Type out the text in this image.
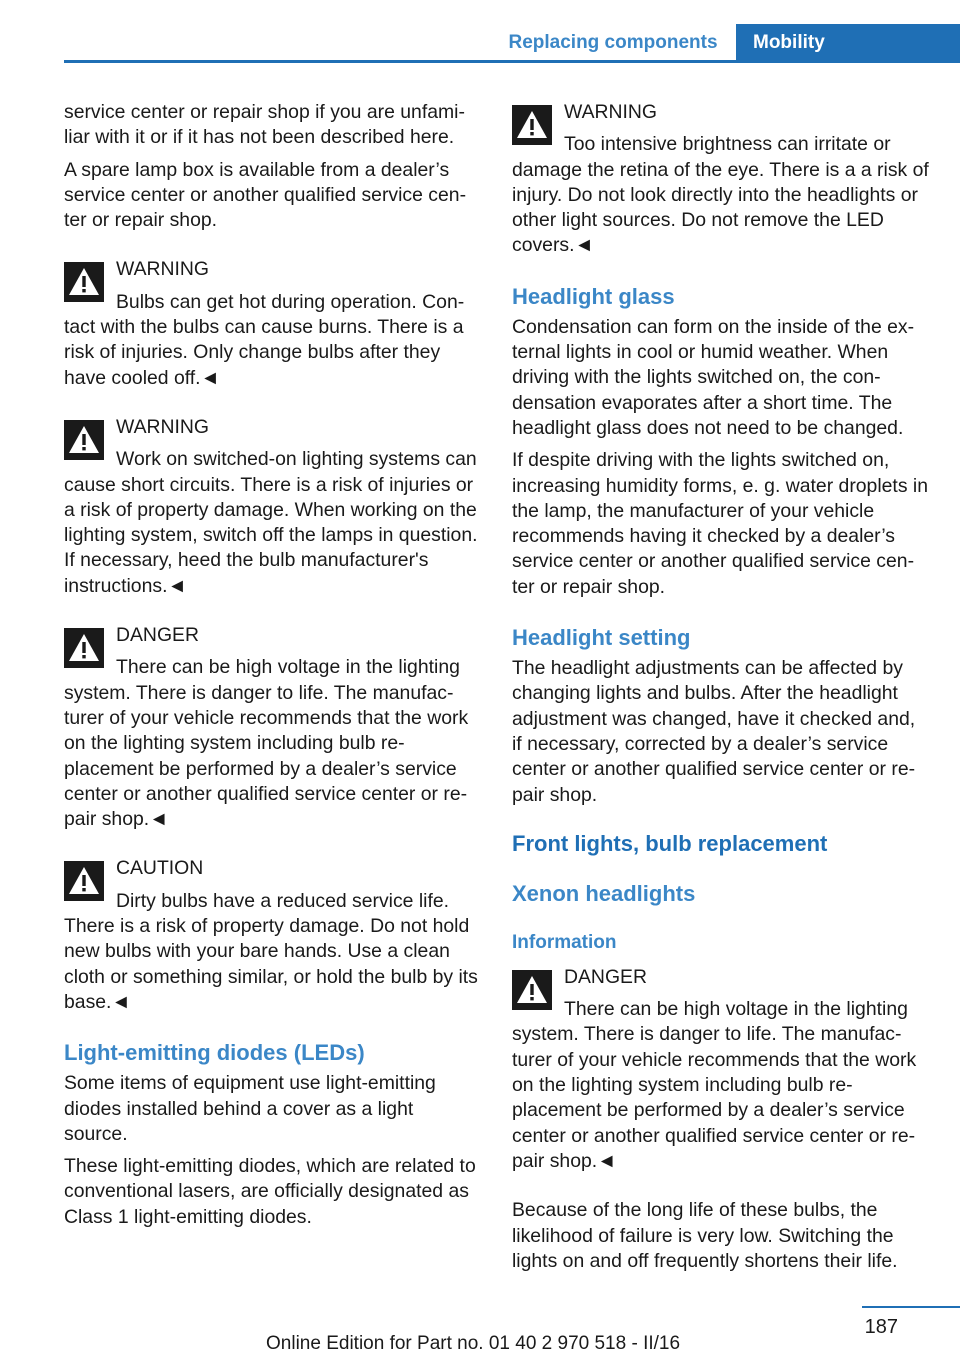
Replacing components	Mobility

service center or repair shop if you are unfamiliar with it or if it has not been described here.

A spare lamp box is available from a dealer’s service center or another qualified service center or repair shop.

WARNING
Bulbs can get hot during operation. Contact with the bulbs can cause burns. There is a risk of injuries. Only change bulbs after they have cooled off.◄
WARNING
Work on switched-on lighting systems can cause short circuits. There is a risk of injuries or a risk of property damage. When working on the lighting system, switch off the lamps in question. If necessary, heed the bulb manufacturer's instructions.◄
DANGER
There can be high voltage in the lighting system. There is danger to life. The manufacturer of your vehicle recommends that the work on the lighting system including bulb replacement be performed by a dealer’s service center or another qualified service center or repair shop.◄
CAUTION
Dirty bulbs have a reduced service life. There is a risk of property damage. Do not hold new bulbs with your bare hands. Use a clean cloth or something similar, or hold the bulb by its base.◄
Light-emitting diodes (LEDs)

Some items of equipment use light-emitting diodes installed behind a cover as a light source.

These light-emitting diodes, which are related to conventional lasers, are officially designated as Class 1 light-emitting diodes.

WARNING
Too intensive brightness can irritate or damage the retina of the eye. There is a a risk of injury. Do not look directly into the headlights or other light sources. Do not remove the LED covers.◄
Headlight glass

Condensation can form on the inside of the external lights in cool or humid weather. When driving with the lights switched on, the condensation evaporates after a short time. The headlight glass does not need to be changed.

If despite driving with the lights switched on, increasing humidity forms, e. g. water droplets in the lamp, the manufacturer of your vehicle recommends having it checked by a dealer’s service center or another qualified service center or repair shop.

Headlight setting

The headlight adjustments can be affected by changing lights and bulbs. After the headlight adjustment was changed, have it checked and, if necessary, corrected by a dealer’s service center or another qualified service center or repair shop.

Front lights, bulb replacement
Xenon headlights
Information
DANGER
There can be high voltage in the lighting system. There is danger to life. The manufacturer of your vehicle recommends that the work on the lighting system including bulb replacement be performed by a dealer’s service center or another qualified service center or repair shop.◄

Because of the long life of these bulbs, the likelihood of failure is very low. Switching the lights on and off frequently shortens their life.

187
Online Edition for Part no. 01 40 2 970 518 - II/16
